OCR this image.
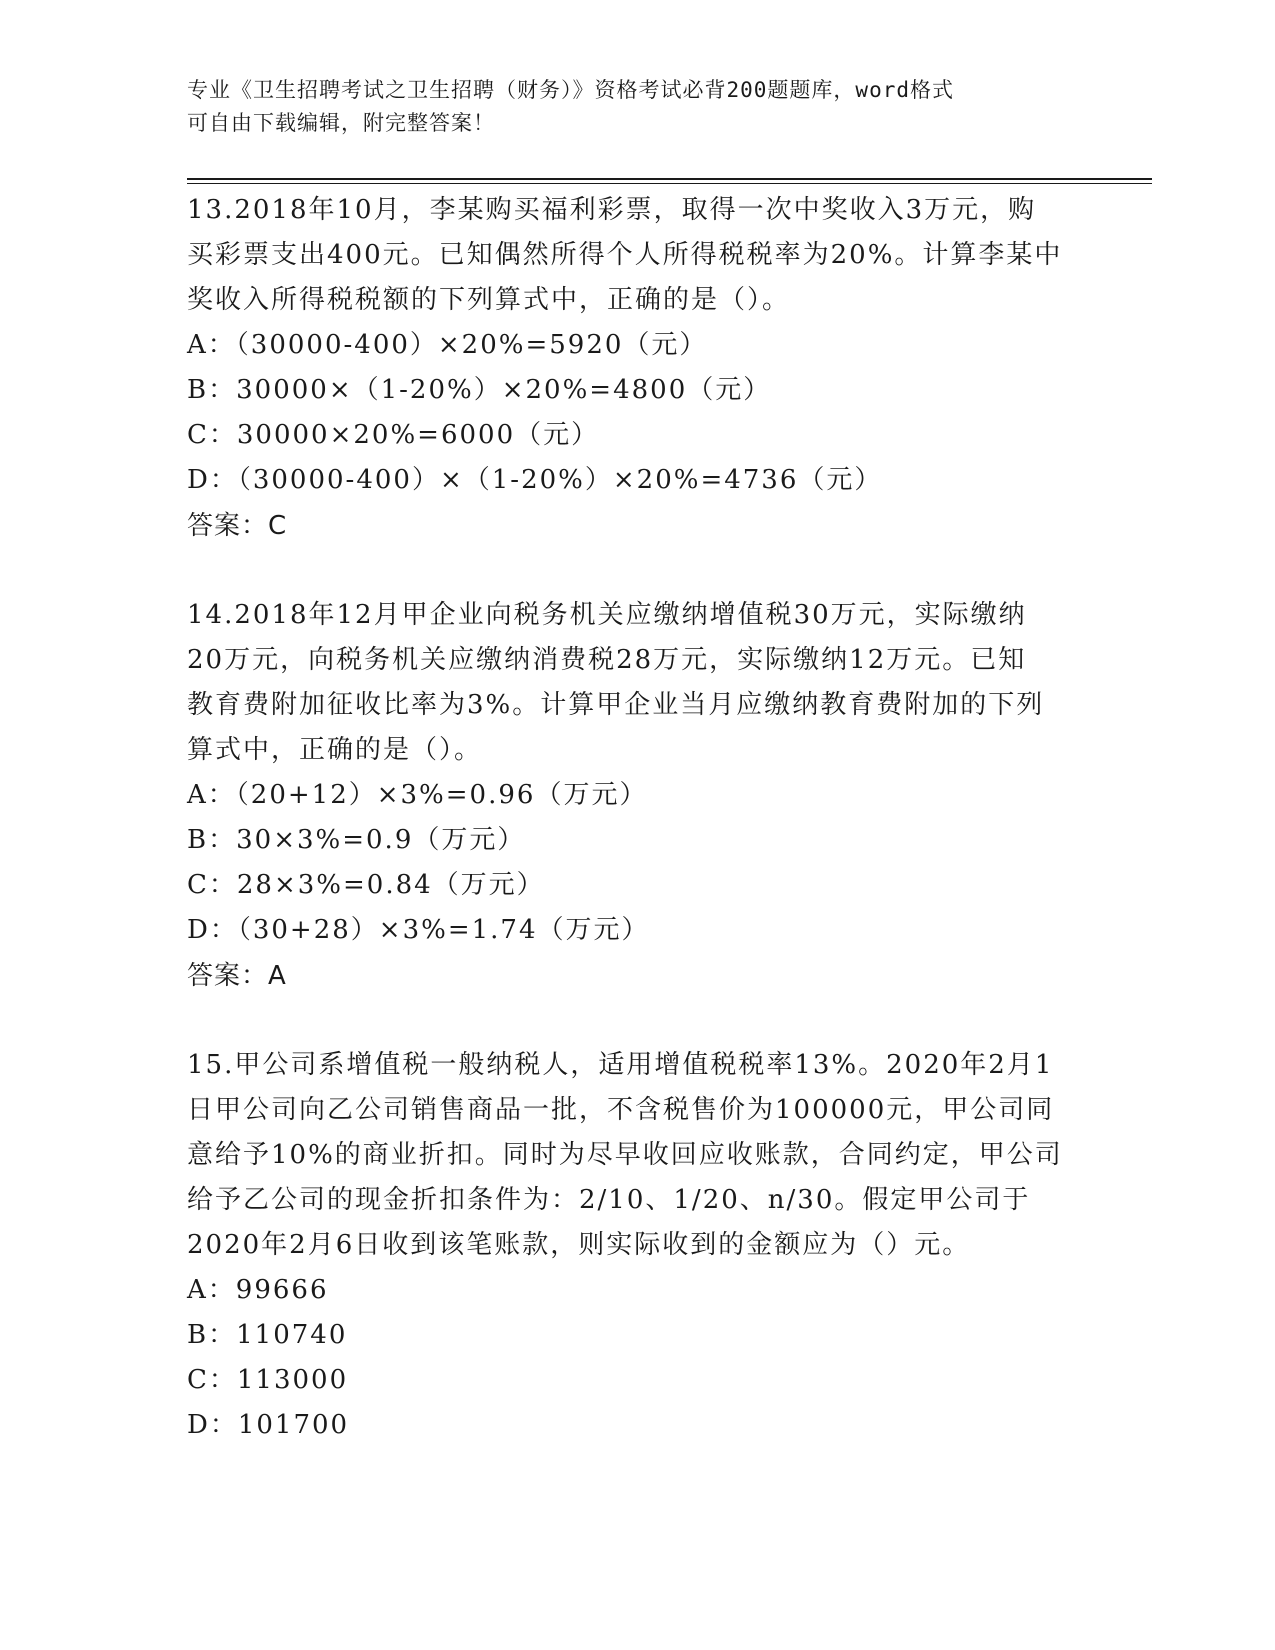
专业《卫生招聘考试之卫生招聘（财务）》资格考试必背200题题库，word格式
可自由下载编辑，附完整答案！
13.2018年10月，李某购买福利彩票，取得一次中奖收入3万元，购
买彩票支出400元。已知偶然所得个人所得税税率为20%。计算李某中
奖收入所得税税额的下列算式中，正确的是（）。
A：（30000-400）×20%=5920（元）
B：30000×（1-20%）×20%=4800（元）
C：30000×20%=6000（元）
D：（30000-400）×（1-20%）×20%=4736（元）
答案：C
14.2018年12月甲企业向税务机关应缴纳增值税30万元，实际缴纳
20万元，向税务机关应缴纳消费税28万元，实际缴纳12万元。已知
教育费附加征收比率为3%。计算甲企业当月应缴纳教育费附加的下列
算式中，正确的是（）。
A：（20+12）×3%=0.96（万元）
B：30×3%=0.9（万元）
C：28×3%=0.84（万元）
D：（30+28）×3%=1.74（万元）
答案：A
15.甲公司系增值税一般纳税人，适用增值税税率13%。2020年2月1
日甲公司向乙公司销售商品一批，不含税售价为100000元，甲公司同
意给予10%的商业折扣。同时为尽早收回应收账款，合同约定，甲公司
给予乙公司的现金折扣条件为：2/10、1/20、n/30。假定甲公司于
2020年2月6日收到该笔账款，则实际收到的金额应为（）元。
A：99666
B：110740
C：113000
D：101700
